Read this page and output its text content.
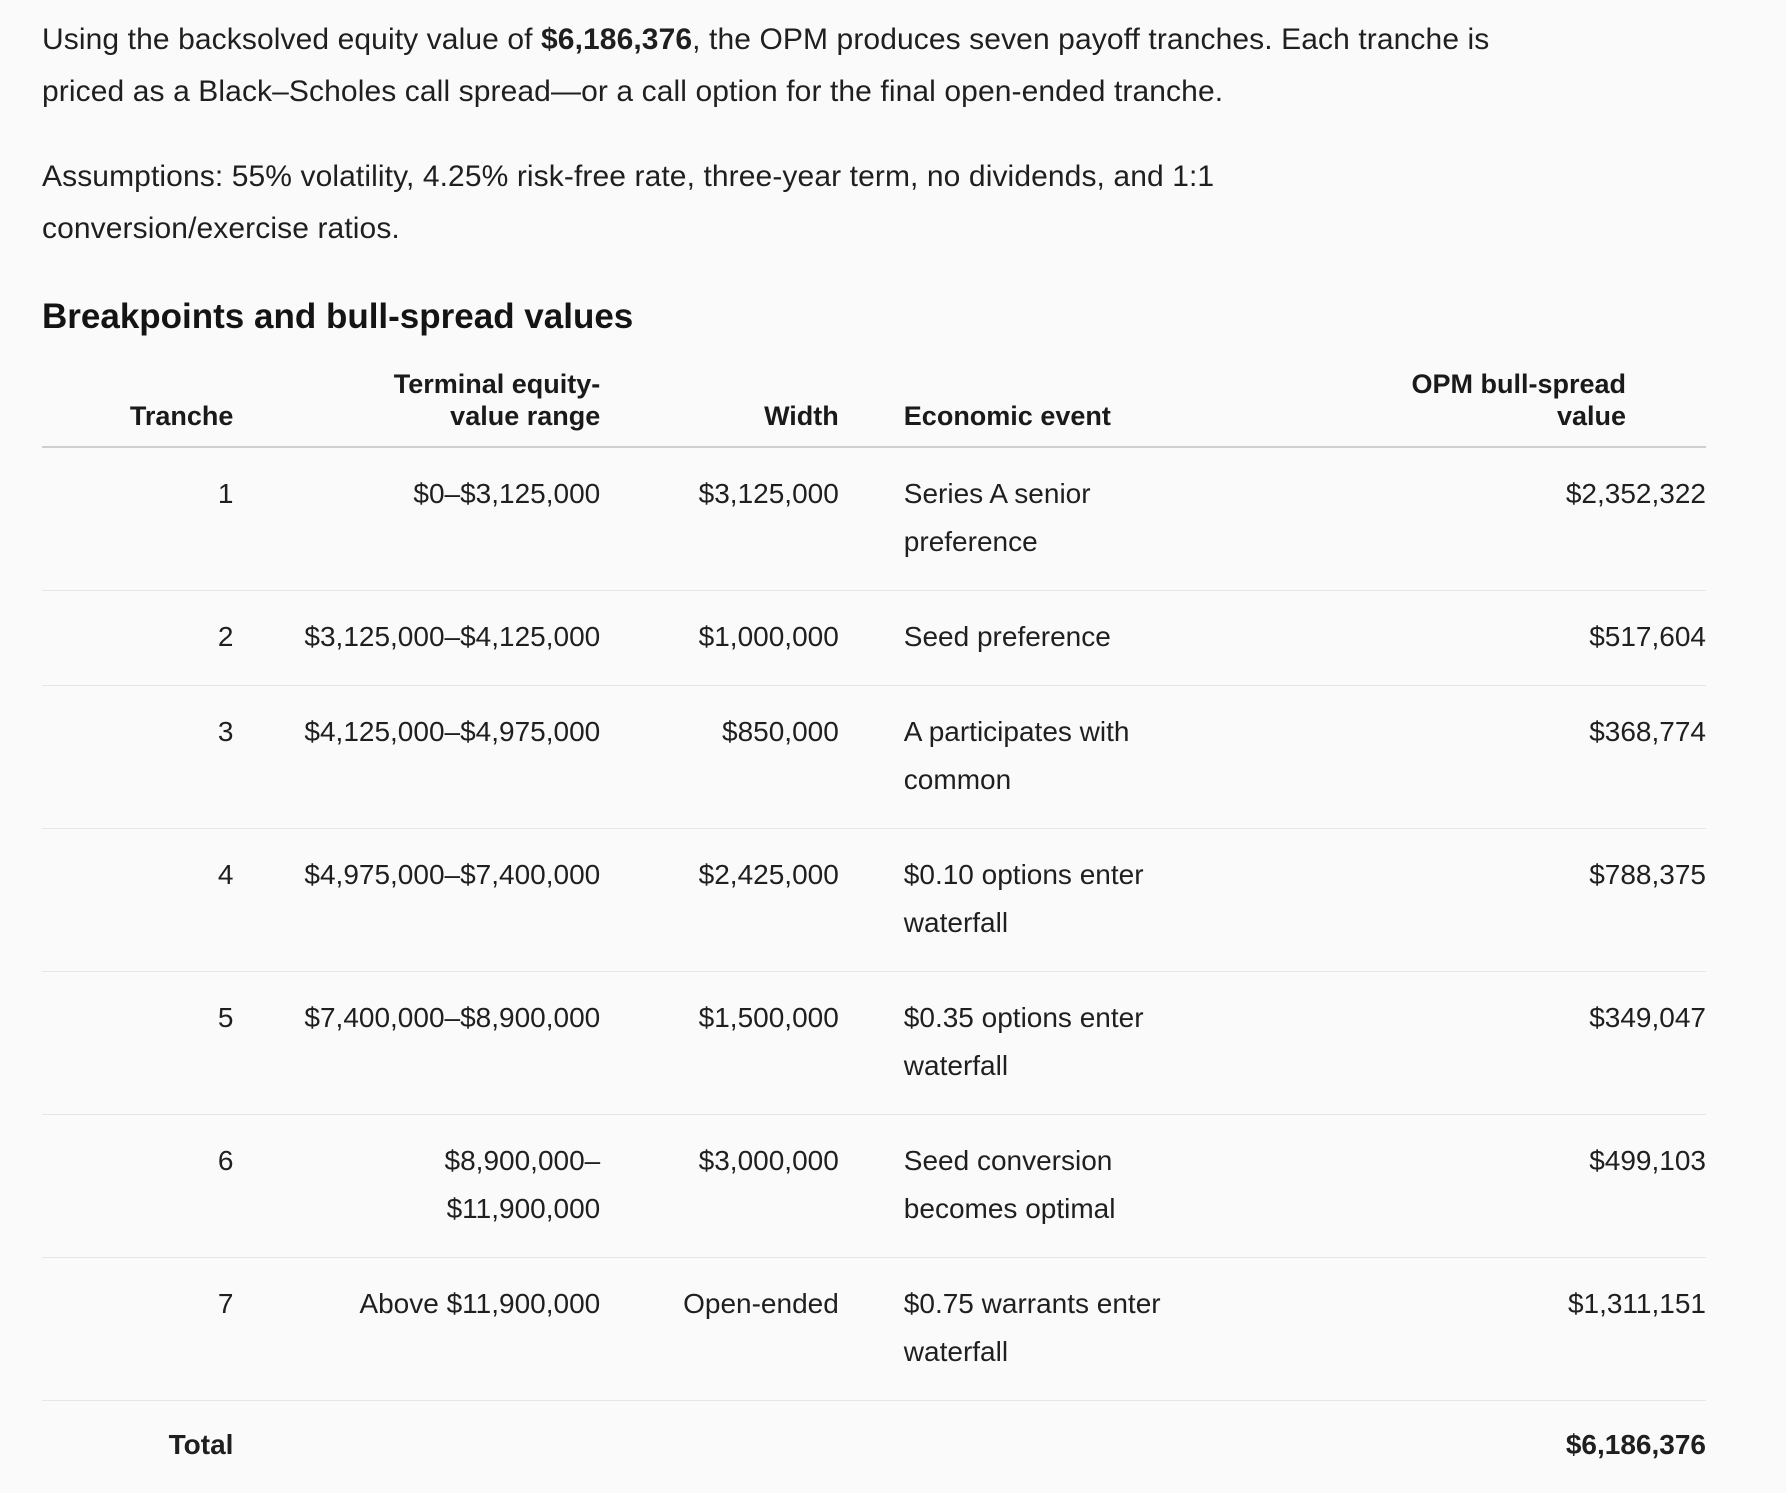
Using the backsolved equity value of $6,186,376, the OPM produces seven payoff tranches. Each tranche is priced as a Black–Scholes call spread—or a call option for the final open-ended tranche.

Assumptions: 55% volatility, 4.25% risk-free rate, three-year term, no dividends, and 1:1 conversion/exercise ratios.

Breakpoints and bull-spread values
Tranche	Terminal equity-value range	Width	Economic event	OPM bull-spread value
1	$0–$3,125,000	$3,125,000	Series A senior preference	$2,352,322
2	$3,125,000–$4,125,000	$1,000,000	Seed preference	$517,604
3	$4,125,000–$4,975,000	$850,000	A participates with common	$368,774
4	$4,975,000–$7,400,000	$2,425,000	$0.10 options enter waterfall	$788,375
5	$7,400,000–$8,900,000	$1,500,000	$0.35 options enter waterfall	$349,047
6	$8,900,000–$11,900,000	$3,000,000	Seed conversion becomes optimal	$499,103
7	Above $11,900,000	Open-ended	$0.75 warrants enter waterfall	$1,311,151
Total				$6,186,376
